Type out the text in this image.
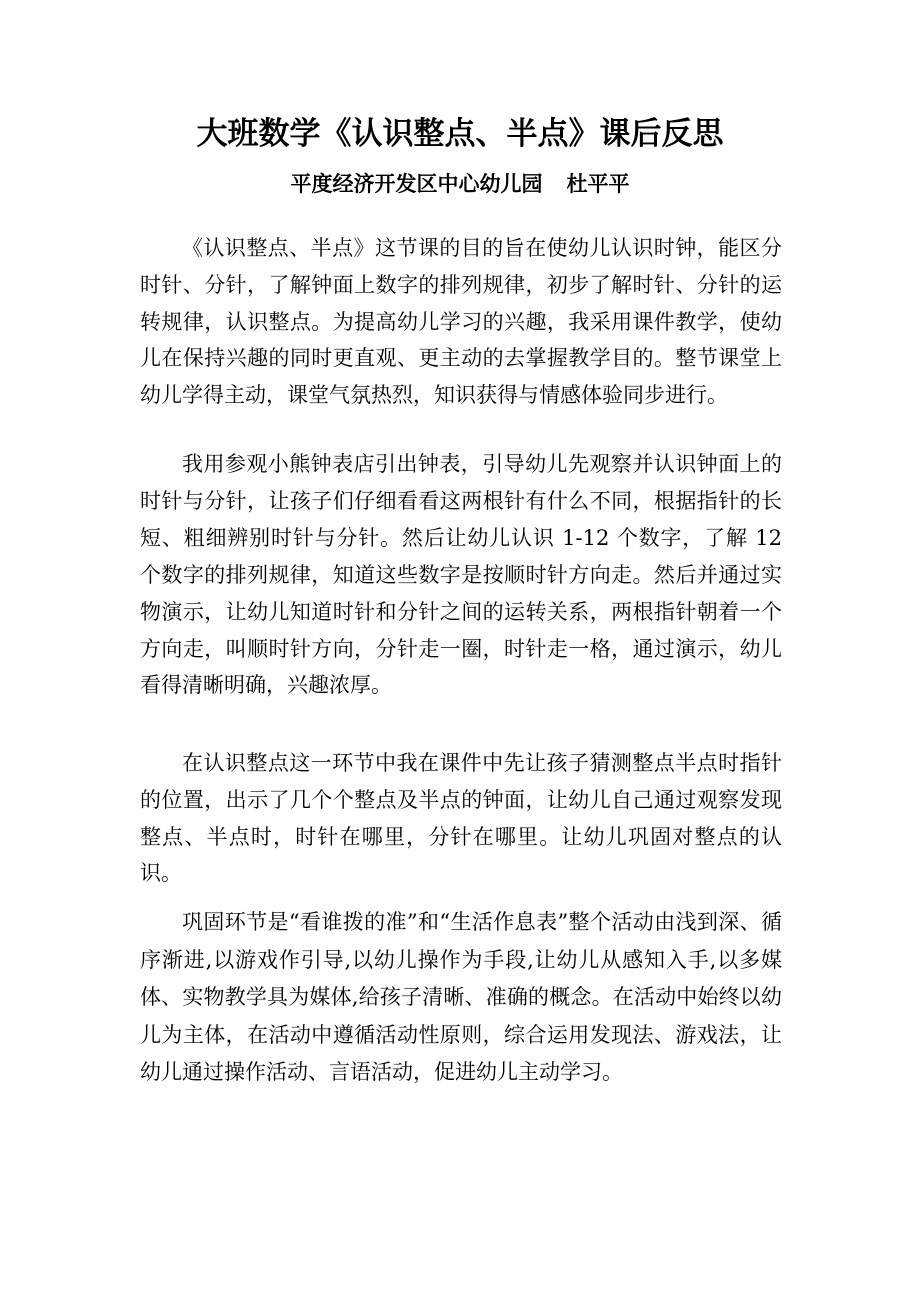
大班数学《认识整点、半点》课后反思
平度经济开发区中心幼儿园 杜平平

《认识整点、半点》这节课的目的旨在使幼儿认识时钟，能区分时针、分针，了解钟面上数字的排列规律，初步了解时针、分针的运转规律，认识整点。为提高幼儿学习的兴趣，我采用课件教学，使幼儿在保持兴趣的同时更直观、更主动的去掌握教学目的。整节课堂上幼儿学得主动，课堂气氛热烈，知识获得与情感体验同步进行。

我用参观小熊钟表店引出钟表，引导幼儿先观察并认识钟面上的时针与分针，让孩子们仔细看看这两根针有什么不同，根据指针的长短、粗细辨别时针与分针。然后让幼儿认识 1-12 个数字，了解 12 个数字的排列规律，知道这些数字是按顺时针方向走。然后并通过实物演示，让幼儿知道时针和分针之间的运转关系，两根指针朝着一个方向走，叫顺时针方向，分针走一圈，时针走一格，通过演示，幼儿看得清晰明确，兴趣浓厚。

在认识整点这一环节中我在课件中先让孩子猜测整点半点时指针的位置，出示了几个个整点及半点的钟面，让幼儿自己通过观察发现整点、半点时，时针在哪里，分针在哪里。让幼儿巩固对整点的认识。

巩固环节是“看谁拨的准”和“生活作息表”整个活动由浅到深、循序渐进,以游戏作引导,以幼儿操作为手段,让幼儿从感知入手,以多媒体、实物教学具为媒体,给孩子清晰、准确的概念。在活动中始终以幼儿为主体，在活动中遵循活动性原则，综合运用发现法、游戏法，让幼儿通过操作活动、言语活动，促进幼儿主动学习。
